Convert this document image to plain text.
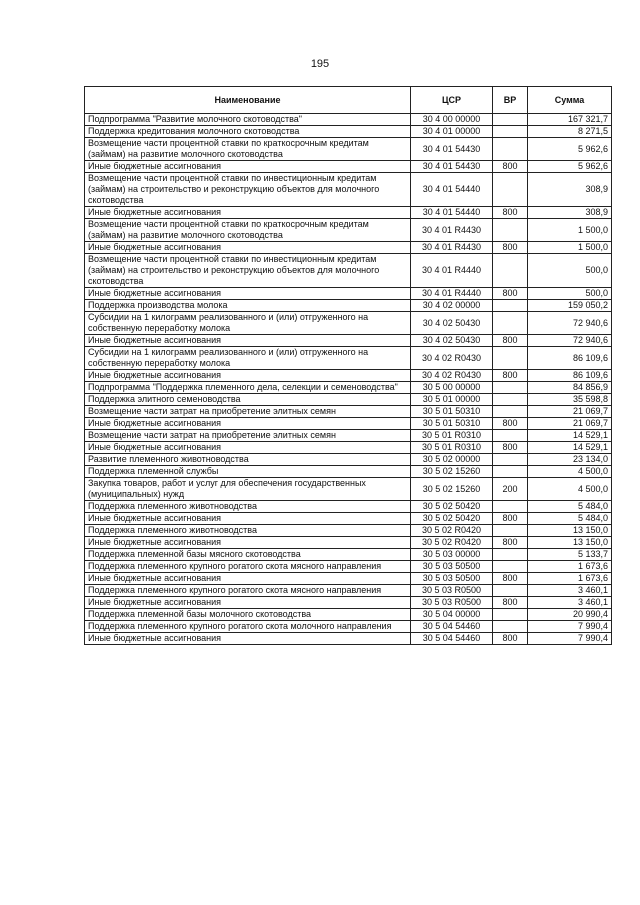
195
Наименование	ЦСР	ВР	Сумма
Подпрограмма "Развитие молочного скотоводства"	30 4 00 00000		167 321,7
Поддержка кредитования молочного скотоводства	30 4 01 00000		8 271,5
Возмещение части процентной ставки по краткосрочным кредитам (займам) на развитие молочного скотоводства	30 4 01 54430		5 962,6
Иные бюджетные ассигнования	30 4 01 54430	800	5 962,6
Возмещение части процентной ставки по инвестиционным кредитам (займам) на строительство и реконструкцию объектов для молочного скотоводства	30 4 01 54440		308,9
Иные бюджетные ассигнования	30 4 01 54440	800	308,9
Возмещение части процентной ставки по краткосрочным кредитам (займам) на развитие молочного скотоводства	30 4 01 R4430		1 500,0
Иные бюджетные ассигнования	30 4 01 R4430	800	1 500,0
Возмещение части процентной ставки по инвестиционным кредитам (займам) на строительство и реконструкцию объектов для молочного скотоводства	30 4 01 R4440		500,0
Иные бюджетные ассигнования	30 4 01 R4440	800	500,0
Поддержка производства молока	30 4 02 00000		159 050,2
Субсидии на 1 килограмм реализованного и (или) отгруженного на собственную переработку молока	30 4 02 50430		72 940,6
Иные бюджетные ассигнования	30 4 02 50430	800	72 940,6
Субсидии на 1 килограмм реализованного и (или) отгруженного на собственную переработку молока	30 4 02 R0430		86 109,6
Иные бюджетные ассигнования	30 4 02 R0430	800	86 109,6
Подпрограмма "Поддержка племенного дела, селекции и семеноводства"	30 5 00 00000		84 856,9
Поддержка элитного семеноводства	30 5 01 00000		35 598,8
Возмещение части затрат на приобретение элитных семян	30 5 01 50310		21 069,7
Иные бюджетные ассигнования	30 5 01 50310	800	21 069,7
Возмещение части затрат на приобретение элитных семян	30 5 01 R0310		14 529,1
Иные бюджетные ассигнования	30 5 01 R0310	800	14 529,1
Развитие племенного животноводства	30 5 02 00000		23 134,0
Поддержка племенной службы	30 5 02 15260		4 500,0
Закупка товаров, работ и услуг для обеспечения государственных (муниципальных) нужд	30 5 02 15260	200	4 500,0
Поддержка племенного животноводства	30 5 02 50420		5 484,0
Иные бюджетные ассигнования	30 5 02 50420	800	5 484,0
Поддержка племенного животноводства	30 5 02 R0420		13 150,0
Иные бюджетные ассигнования	30 5 02 R0420	800	13 150,0
Поддержка племенной базы мясного скотоводства	30 5 03 00000		5 133,7
Поддержка племенного крупного рогатого скота мясного направления	30 5 03 50500		1 673,6
Иные бюджетные ассигнования	30 5 03 50500	800	1 673,6
Поддержка племенного крупного рогатого скота мясного направления	30 5 03 R0500		3 460,1
Иные бюджетные ассигнования	30 5 03 R0500	800	3 460,1
Поддержка племенной базы молочного скотоводства	30 5 04 00000		20 990,4
Поддержка племенного крупного рогатого скота молочного направления	30 5 04 54460		7 990,4
Иные бюджетные ассигнования	30 5 04 54460	800	7 990,4
